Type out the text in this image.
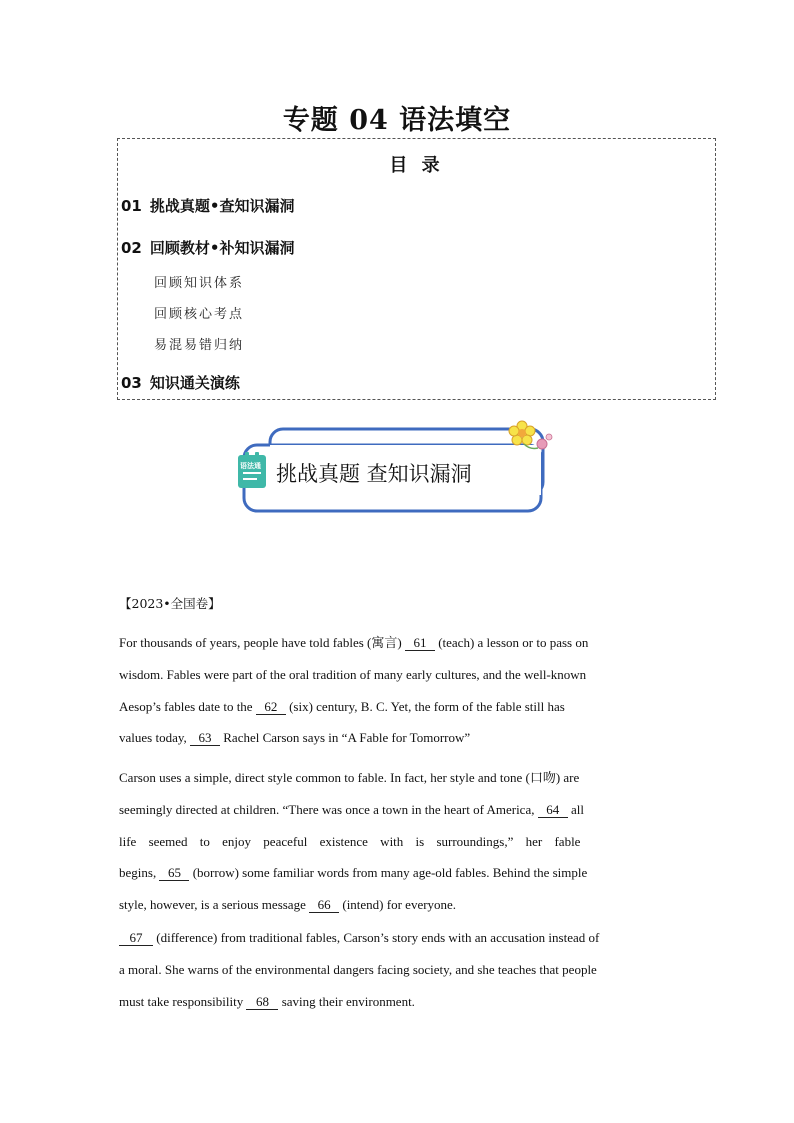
专题 04 语法填空
目 录
01 挑战真题•查知识漏洞
02 回顾教材•补知识漏洞
回顾知识体系
回顾核心考点
易混易错归纳
03 知识通关演练
语法通 挑战真题 查知识漏洞
【2023•全国卷】
For thousands of years, people have told fables (寓言) 61 (teach) a lesson or to pass on
wisdom. Fables were part of the oral tradition of many early cultures, and the well-known
Aesop’s fables date to the 62 (six) century, B. C. Yet, the form of the fable still has
values today, 63 Rachel Carson says in “A Fable for Tomorrow”
Carson uses a simple, direct style common to fable. In fact, her style and tone (口吻) are
seemingly directed at children. “There was once a town in the heart of America, 64 all
life seemed to enjoy peaceful existence with is surroundings,” her fable
begins, 65 (borrow) some familiar words from many age-old fables. Behind the simple
style, however, is a serious message 66 (intend) for everyone.
67 (difference) from traditional fables, Carson’s story ends with an accusation instead of
a moral. She warns of the environmental dangers facing society, and she teaches that people
must take responsibility 68 saving their environment.
